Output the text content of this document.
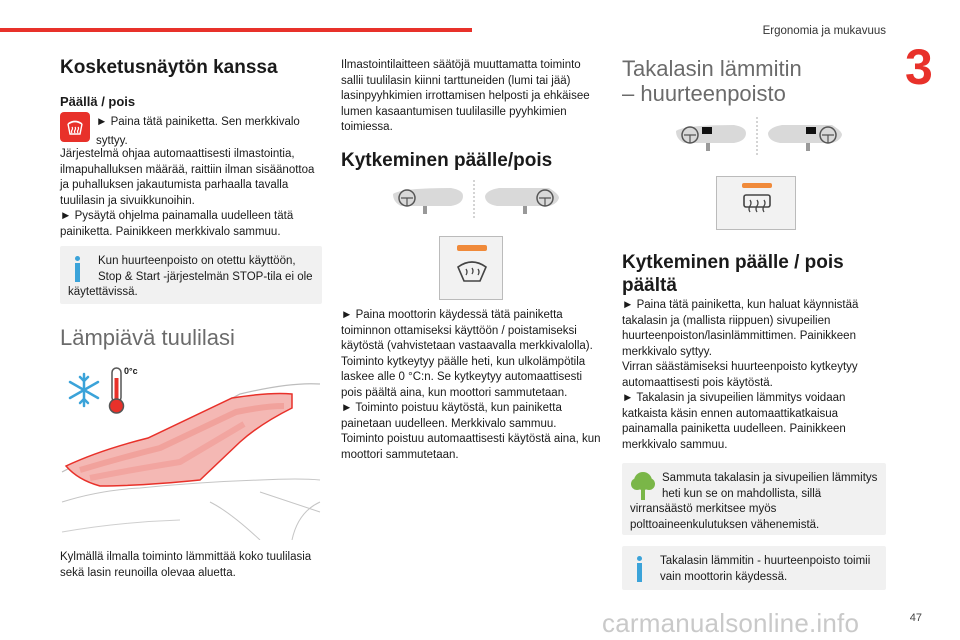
Ergonomia ja mukavuus
3
Kosketusnäytön kanssa
Päällä / pois
► Paina tätä painiketta. Sen merkkivalo syttyy.

Järjestelmä ohjaa automaattisesti ilmastointia, ilmapuhalluksen määrää, raittiin ilman sisäänottoa ja puhalluksen jakautumista parhaalla tavalla tuulilasin ja sivuikkunoihin.

► Pysäytä ohjelma painamalla uudelleen tätä painiketta. Painikkeen merkkivalo sammuu.

Kun huurteenpoisto on otettu käyttöön, Stop & Start -järjestelmän STOP-tila ei ole käytettävissä.
Lämpiävä tuulilasi
0°c

Kylmällä ilmalla toiminto lämmittää koko tuulilasia sekä lasin reunoilla olevaa aluetta.

Ilmastointilaitteen säätöjä muuttamatta toiminto sallii tuulilasin kiinni tarttuneiden (lumi tai jää) lasinpyyhkimien irrottamisen helposti ja ehkäisee lumen kasaantumisen tuulilasille pyyhkimien toimiessa.

Kytkeminen päälle/pois

► Paina moottorin käydessä tätä painiketta toiminnon ottamiseksi käyttöön / poistamiseksi käytöstä (vahvistetaan vastaavalla merkkivalolla).

Toiminto kytkeytyy päälle heti, kun ulkolämpötila laskee alle 0 °C:n. Se kytkeytyy automaattisesti pois päältä aina, kun moottori sammutetaan.

► Toiminto poistuu käytöstä, kun painiketta painetaan uudelleen. Merkkivalo sammuu.

Toiminto poistuu automaattisesti käytöstä aina, kun moottori sammutetaan.

Takalasin lämmitin
– huurteenpoisto
Kytkeminen päälle / pois päältä

► Paina tätä painiketta, kun haluat käynnistää takalasin ja (mallista riippuen) sivupeilien huurteenpoiston/lasinlämmittimen. Painikkeen merkkivalo syttyy.

Virran säästämiseksi huurteenpoisto kytkeytyy automaattisesti pois käytöstä.

► Takalasin ja sivupeilien lämmitys voidaan katkaista käsin ennen automaattikatkaisua painamalla painiketta uudelleen. Painikkeen merkkivalo sammuu.

Sammuta takalasin ja sivupeilien lämmitys heti kun se on mahdollista, sillä virransäästö merkitsee myös polttoaineenkulutuksen vähenemistä.
Takalasin lämmitin - huurteenpoisto toimii vain moottorin käydessä.
carmanualsonline.info	47
